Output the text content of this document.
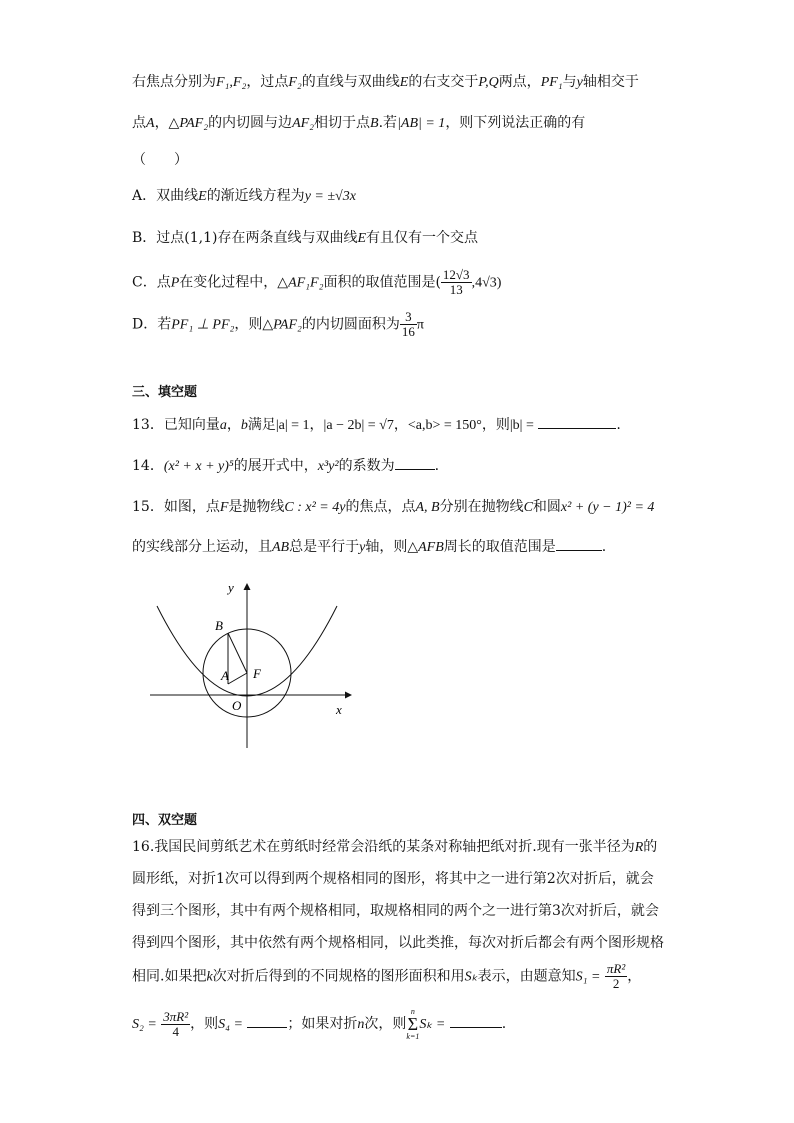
右焦点分别为F₁,F₂，过点F₂的直线与双曲线E的右支交于P,Q两点，PF₁与y轴相交于
点A，△PAF₂的内切圆与边AF₂相切于点B.若|AB| = 1，则下列说法正确的有
（　　）
A．双曲线E的渐近线方程为y = ±√3x
B．过点(1,1)存在两条直线与双曲线E有且仅有一个交点
C．点P在变化过程中，△AF₁F₂面积的取值范围是( $\frac{12√3}{13} ,4√3$)
D．若PF₁ ⊥ PF₂，则△PAF₂的内切圆面积为 $\frac{3}{16}$ π
三、填空题
13．已知向量a，b满足|a| = 1，|a − 2b| = √7，<a,b> = 150°，则|b| =	.
14．(x² + x + y)⁵的展开式中，x³y²的系数为	.
15．如图，点F是抛物线C : x² = 4y的焦点，点A, B分别在抛物线C和圆x² + (y − 1)² = 4
的实线部分上运动，且AB总是平行于y轴，则△AFB周长的取值范围是	.
y
x
O
F
A
B
四、双空题
16.我国民间剪纸艺术在剪纸时经常会沿纸的某条对称轴把纸对折.现有一张半径为R的
圆形纸，对折1次可以得到两个规格相同的图形，将其中之一进行第2次对折后，就会
得到三个图形，其中有两个规格相同，取规格相同的两个之一进行第3次对折后，就会
得到四个图形，其中依然有两个规格相同，以此类推，每次对折后都会有两个图形规格
相同.如果把k次对折后得到的不同规格的图形面积和用Sₖ表示，由题意知$S_1 = \frac{\text{πR²}}{2}$ ，
$S_2 = \frac{\text{3πR²}}{4}$ ，则S₄ =	；如果对折n次，则
n
Σ
k=1
Sₖ =	.
